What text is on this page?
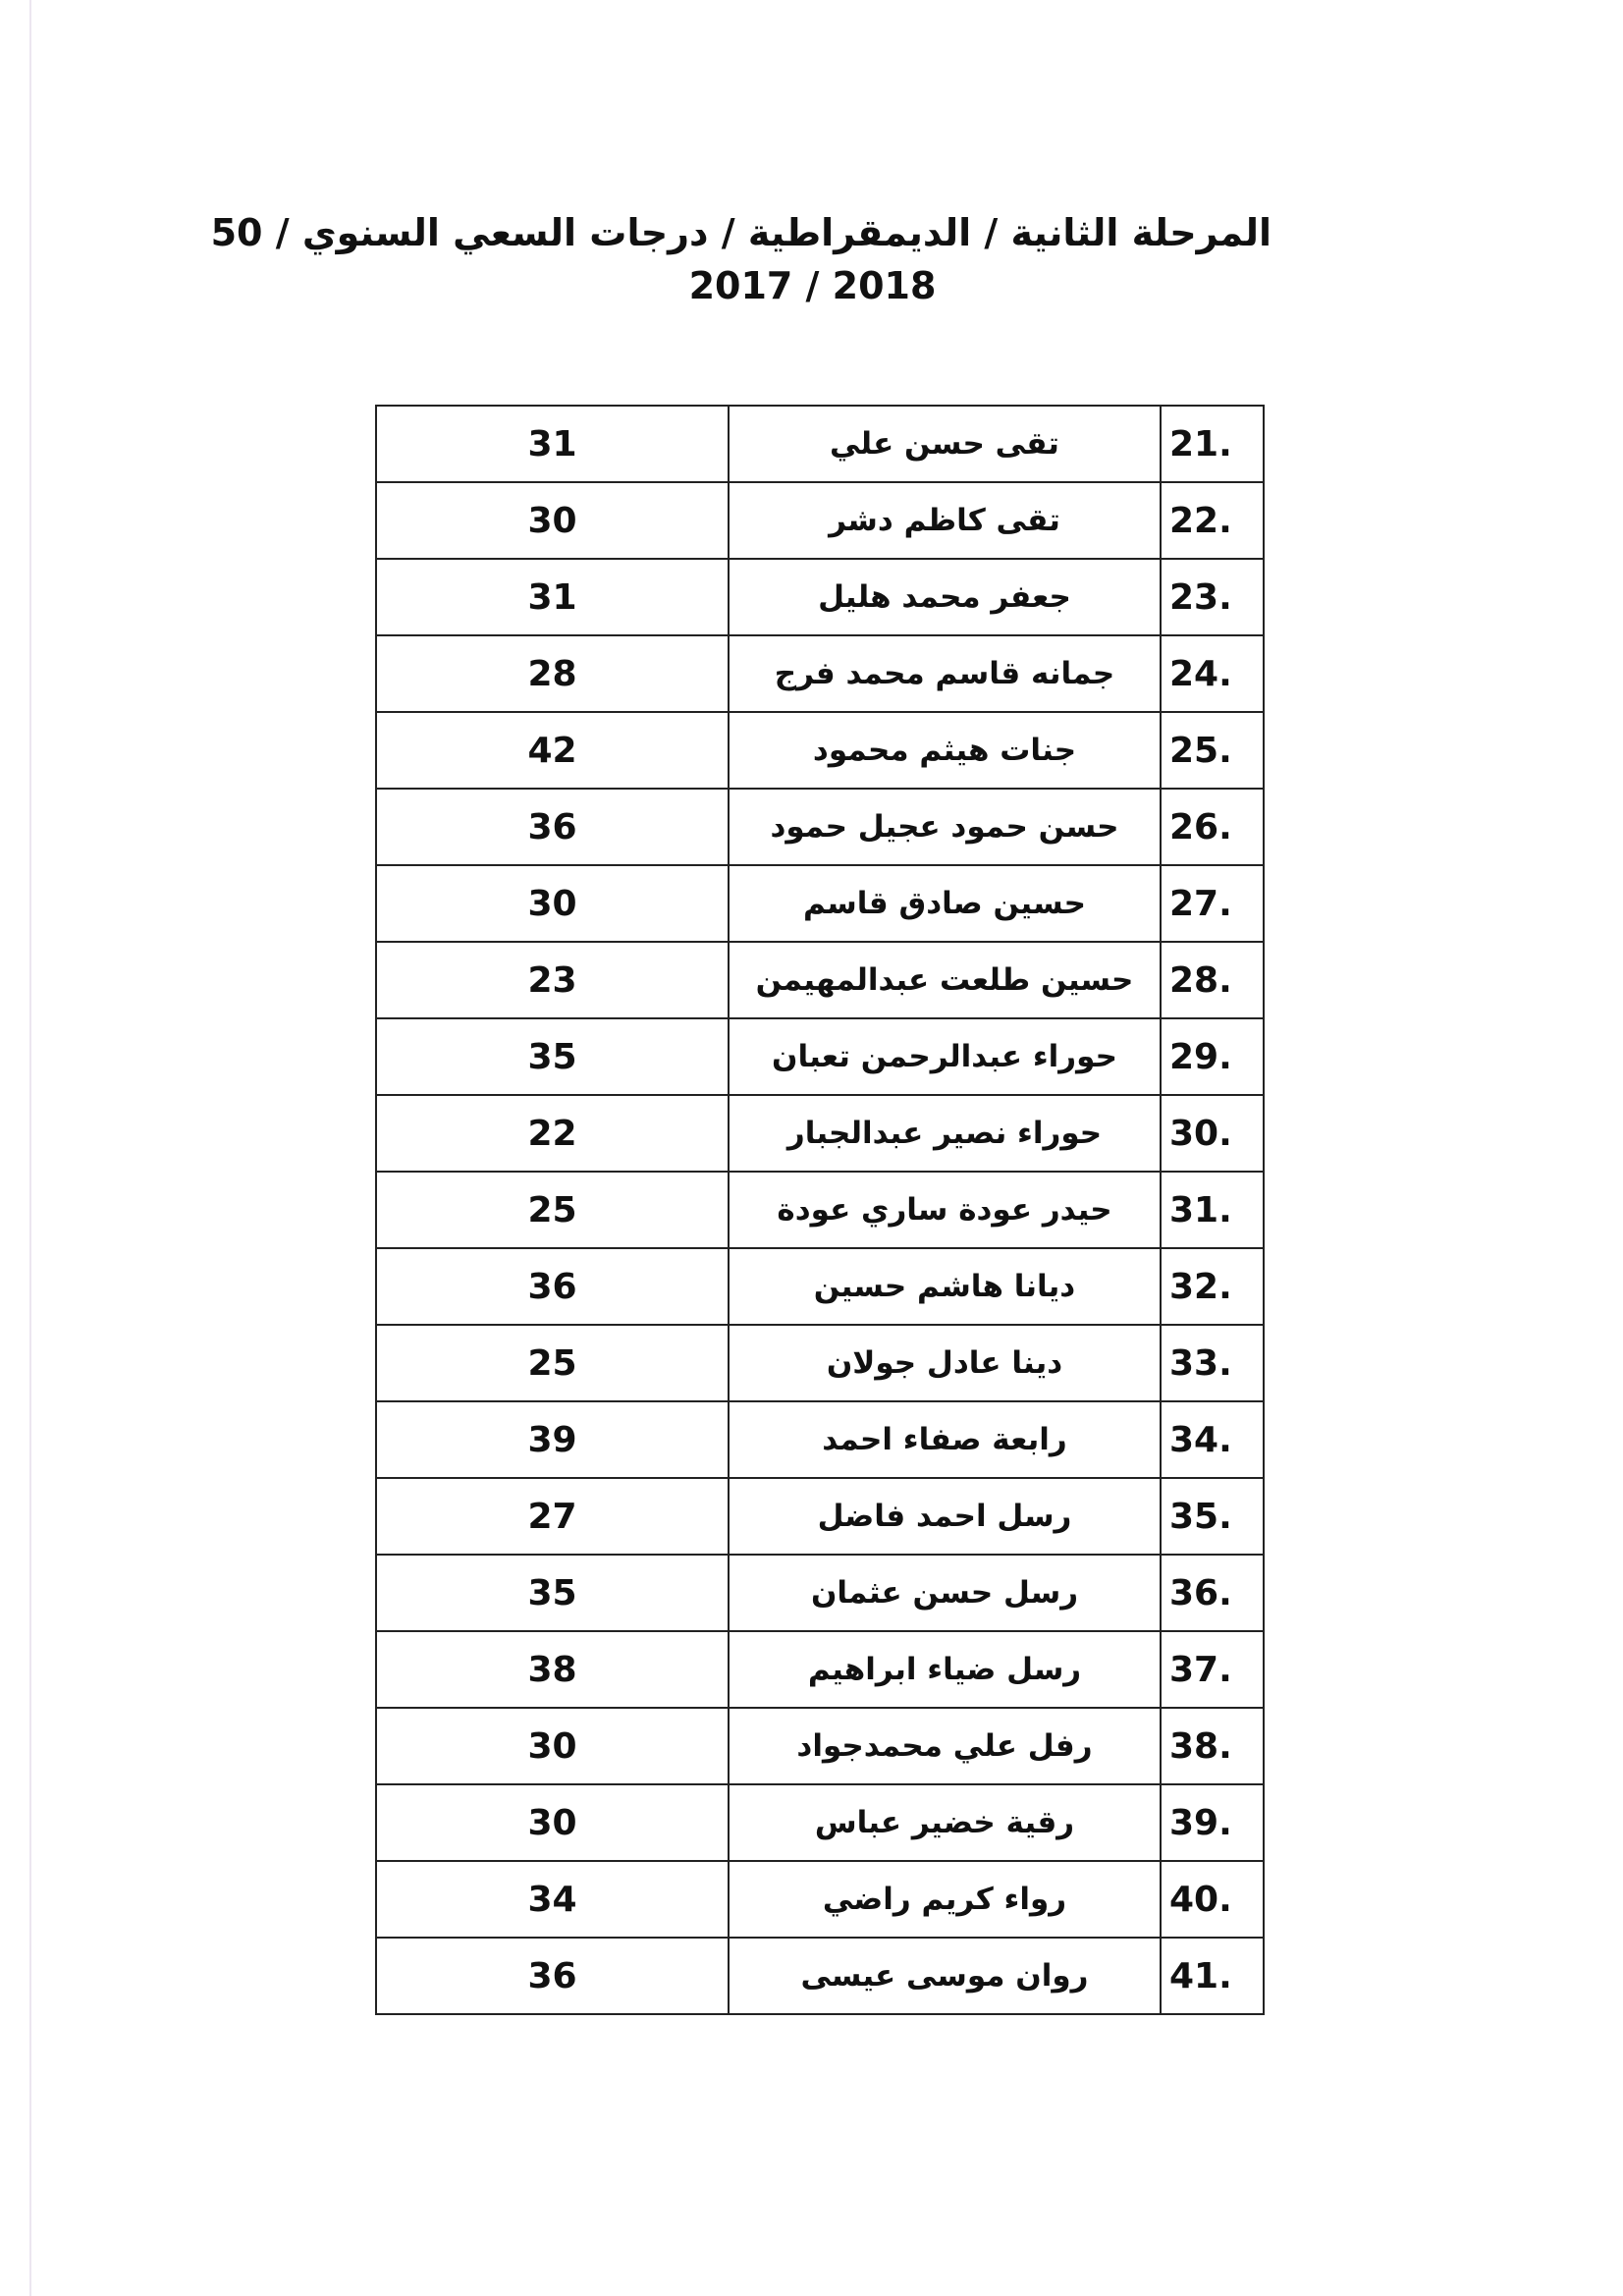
المرحلة الثانية / الديمقراطية / درجات السعي السنوي / 50
2017 / 2018
31	تقى حسن علي	21.
30	تقى كاظم دشر	22.
31	جعفر محمد هليل	23.
28	جمانه قاسم محمد فرج	24.
42	جنات هيثم محمود	25.
36	حسن حمود عجيل حمود	26.
30	حسين صادق قاسم	27.
23	حسين طلعت عبدالمهيمن	28.
35	حوراء عبدالرحمن تعبان	29.
22	حوراء نصير عبدالجبار	30.
25	حيدر عودة ساري عودة	31.
36	ديانا هاشم حسين	32.
25	دينا عادل جولان	33.
39	رابعة صفاء احمد	34.
27	رسل احمد فاضل	35.
35	رسل حسن عثمان	36.
38	رسل ضياء ابراهيم	37.
30	رفل علي محمدجواد	38.
30	رقية خضير عباس	39.
34	رواء كريم راضي	40.
36	روان موسى عيسى	41.
